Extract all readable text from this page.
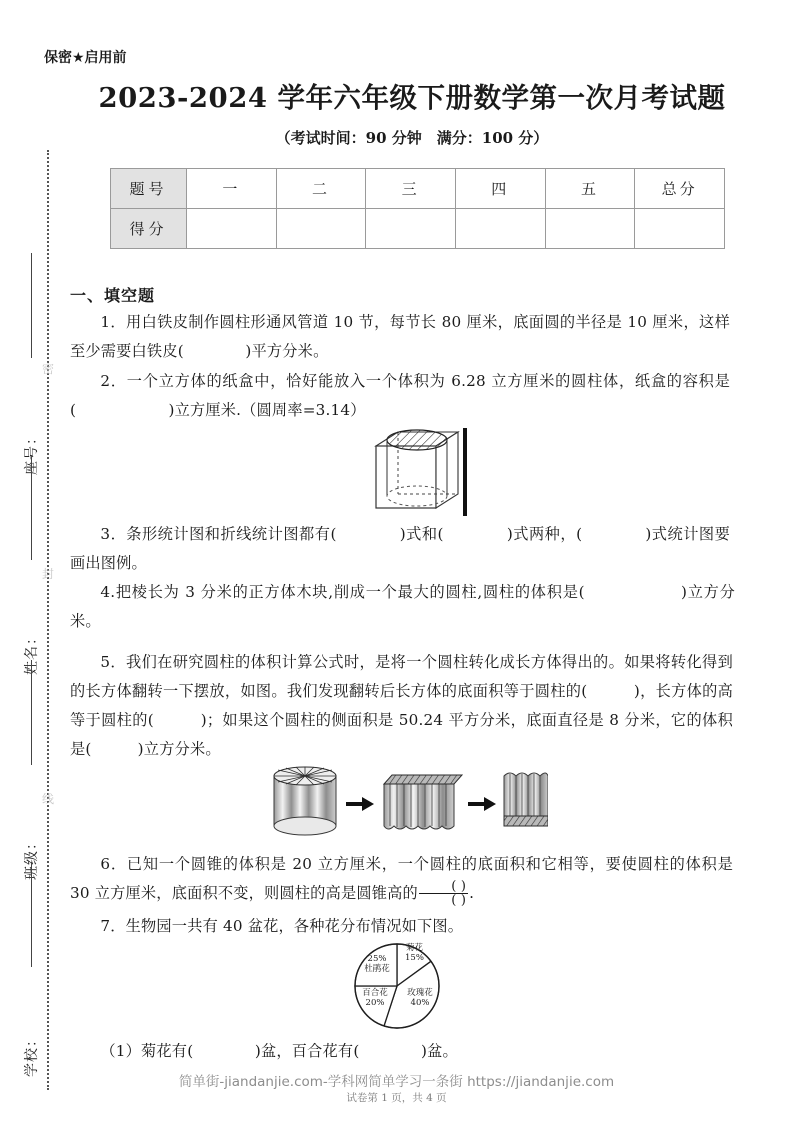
密
封
线
座号：
姓名：
班级：
学校：
保密★启用前
2023-2024 学年六年级下册数学第一次月考试题
（考试时间：90 分钟　满分：100 分）
题号	一	二	三	四	五	总分
得分						
一、填空题
1．用白铁皮制作圆柱形通风管道 10 节，每节长 80 厘米，底面圆的半径是 10 厘米，这样至少需要白铁皮(　　　　)平方分米。
2．一个立方体的纸盒中，恰好能放入一个体积为 6.28 立方厘米的圆柱体，纸盒的容积是(　　　　　　)立方厘米.（圆周率=3.14）
3．条形统计图和折线统计图都有(　　　　)式和(　　　　)式两种，(　　　　)式统计图要画出图例。
4.把棱长为 3 分米的正方体木块,削成一个最大的圆柱,圆柱的体积是(　　　　　　)立方分米。
5．我们在研究圆柱的体积计算公式时，是将一个圆柱转化成长方体得出的。如果将转化得到的长方体翻转一下摆放，如图。我们发现翻转后长方体的底面积等于圆柱的(　　　)，长方体的高等于圆柱的(　　　)；如果这个圆柱的侧面积是 50.24 平方分米，底面直径是 8 分米，它的体积是(　　　)立方分米。
6．已知一个圆锥的体积是 20 立方厘米，一个圆柱的底面积和它相等，要使圆柱的体积是 30 立方厘米，底面积不变，则圆柱的高是圆锥高的 $\frac{( )}{( )}$ .
7．生物园一共有 40 盆花，各种花分布情况如下图。
菊花
15%
玫瑰花
40%
百合花
20%
25%
杜鹃花
（1）菊花有(　　　　)盆，百合花有(　　　　)盆。
简单街-jiandanjie.com-学科网简单学习一条街 https://jiandanjie.com
试卷第 1 页，共 4 页
